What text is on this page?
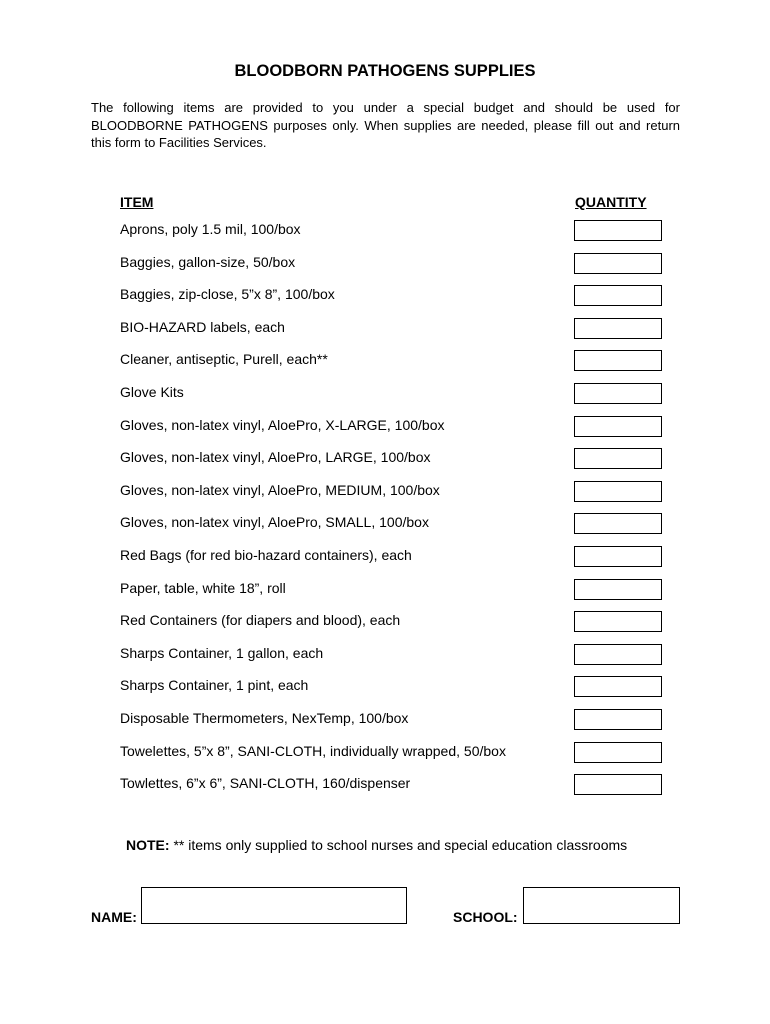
BLOODBORN PATHOGENS SUPPLIES
The following items are provided to you under a special budget and should be used for BLOODBORNE PATHOGENS purposes only. When supplies are needed, please fill out and return this form to Facilities Services.
ITEM	QUANTITY
Aprons, poly 1.5 mil, 100/box
Baggies, gallon-size, 50/box
Baggies, zip-close, 5”x 8”, 100/box
BIO-HAZARD labels, each
Cleaner, antiseptic, Purell, each**
Glove Kits
Gloves, non-latex vinyl, AloePro, X-LARGE, 100/box
Gloves, non-latex vinyl, AloePro, LARGE, 100/box
Gloves, non-latex vinyl, AloePro, MEDIUM, 100/box
Gloves, non-latex vinyl, AloePro, SMALL, 100/box
Red Bags (for red bio-hazard containers), each
Paper, table, white 18”, roll
Red Containers (for diapers and blood), each
Sharps Container, 1 gallon, each
Sharps Container, 1 pint, each
Disposable Thermometers, NexTemp, 100/box
Towelettes, 5”x 8”, SANI-CLOTH, individually wrapped, 50/box
Towlettes, 6”x 6”, SANI-CLOTH, 160/dispenser
NOTE: ** items only supplied to school nurses and special education classrooms
NAME:	SCHOOL:
